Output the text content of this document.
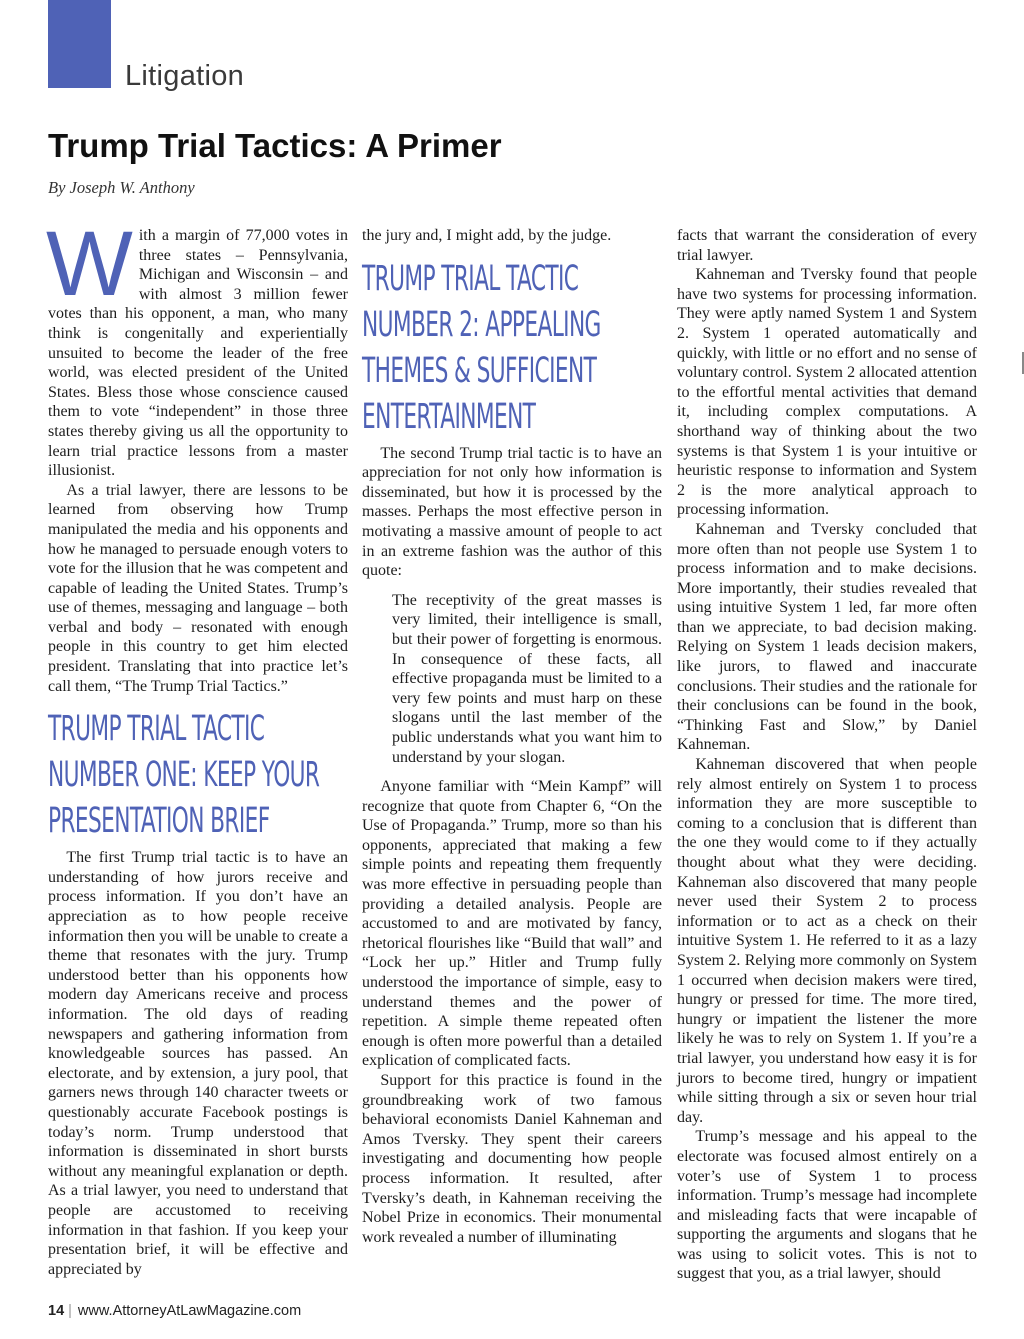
Litigation
Trump Trial Tactics: A Primer
By Joseph W. Anthony

With a margin of 77,000 votes in three states – Pennsylvania, Michigan and Wisconsin – and with almost 3 million fewer votes than his opponent, a man, who many think is congenitally and experientially unsuited to become the leader of the free world, was elected president of the United States. Bless those whose conscience caused them to vote “independent” in those three states thereby giving us all the opportunity to learn trial practice lessons from a master illusionist.

As a trial lawyer, there are lessons to be learned from observing how Trump manipulated the media and his opponents and how he managed to persuade enough voters to vote for the illusion that he was competent and capable of leading the United States. Trump’s use of themes, messaging and language – both verbal and body – resonated with enough people in this country to get him elected president. Translating that into practice let’s call them, “The Trump Trial Tactics.”

TRUMP TRIAL TACTIC NUMBER ONE: KEEP YOUR PRESENTATION BRIEF

The first Trump trial tactic is to have an understanding of how jurors receive and process information. If you don’t have an appreciation as to how people receive information then you will be unable to create a theme that resonates with the jury. Trump understood better than his opponents how modern day Americans receive and process information. The old days of reading newspapers and gathering information from knowledgeable sources has passed. An electorate, and by extension, a jury pool, that garners news through 140 character tweets or questionably accurate Facebook postings is today’s norm. Trump understood that information is disseminated in short bursts without any meaningful explanation or depth. As a trial lawyer, you need to understand that people are accustomed to receiving information in that fashion. If you keep your presentation brief, it will be effective and appreciated by

the jury and, I might add, by the judge.

TRUMP TRIAL TACTIC NUMBER 2: APPEALING THEMES & SUFFICIENT ENTERTAINMENT

The second Trump trial tactic is to have an appreciation for not only how information is disseminated, but how it is processed by the masses. Perhaps the most effective person in motivating a massive amount of people to act in an extreme fashion was the author of this quote:

The receptivity of the great masses is very limited, their intelligence is small, but their power of forgetting is enormous. In consequence of these facts, all effective propaganda must be limited to a very few points and must harp on these slogans until the last member of the public understands what you want him to understand by your slogan.

Anyone familiar with “Mein Kampf” will recognize that quote from Chapter 6, “On the Use of Propaganda.” Trump, more so than his opponents, appreciated that making a few simple points and repeating them frequently was more effective in persuading people than providing a detailed analysis. People are accustomed to and are motivated by fancy, rhetorical flourishes like “Build that wall” and “Lock her up.” Hitler and Trump fully understood the importance of simple, easy to understand themes and the power of repetition. A simple theme repeated often enough is often more powerful than a detailed explication of complicated facts.

Support for this practice is found in the groundbreaking work of two famous behavioral economists Daniel Kahneman and Amos Tversky. They spent their careers investigating and documenting how people process information. It resulted, after Tversky’s death, in Kahneman receiving the Nobel Prize in economics. Their monumental work revealed a number of illuminating

facts that warrant the consideration of every trial lawyer.

Kahneman and Tversky found that people have two systems for processing information. They were aptly named System 1 and System 2. System 1 operated automatically and quickly, with little or no effort and no sense of voluntary control. System 2 allocated attention to the effortful mental activities that demand it, including complex computations. A shorthand way of thinking about the two systems is that System 1 is your intuitive or heuristic response to information and System 2 is the more analytical approach to processing information.

Kahneman and Tversky concluded that more often than not people use System 1 to process information and to make decisions. More importantly, their studies revealed that using intuitive System 1 led, far more often than we appreciate, to bad decision making. Relying on System 1 leads decision makers, like jurors, to flawed and inaccurate conclusions. Their studies and the rationale for their conclusions can be found in the book, “Thinking Fast and Slow,” by Daniel Kahneman.

Kahneman discovered that when people rely almost entirely on System 1 to process information they are more susceptible to coming to a conclusion that is different than the one they would come to if they actually thought about what they were deciding. Kahneman also discovered that many people never used their System 2 to process information or to act as a check on their intuitive System 1. He referred to it as a lazy System 2. Relying more commonly on System 1 occurred when decision makers were tired, hungry or pressed for time. The more tired, hungry or impatient the listener the more likely he was to rely on System 1. If you’re a trial lawyer, you understand how easy it is for jurors to become tired, hungry or impatient while sitting through a six or seven hour trial day.

Trump’s message and his appeal to the electorate was focused almost entirely on a voter’s use of System 1 to process information. Trump’s message had incomplete and misleading facts that were incapable of supporting the arguments and slogans that he was using to solicit votes. This is not to suggest that you, as a trial lawyer, should

14 | www.AttorneyAtLawMagazine.com
